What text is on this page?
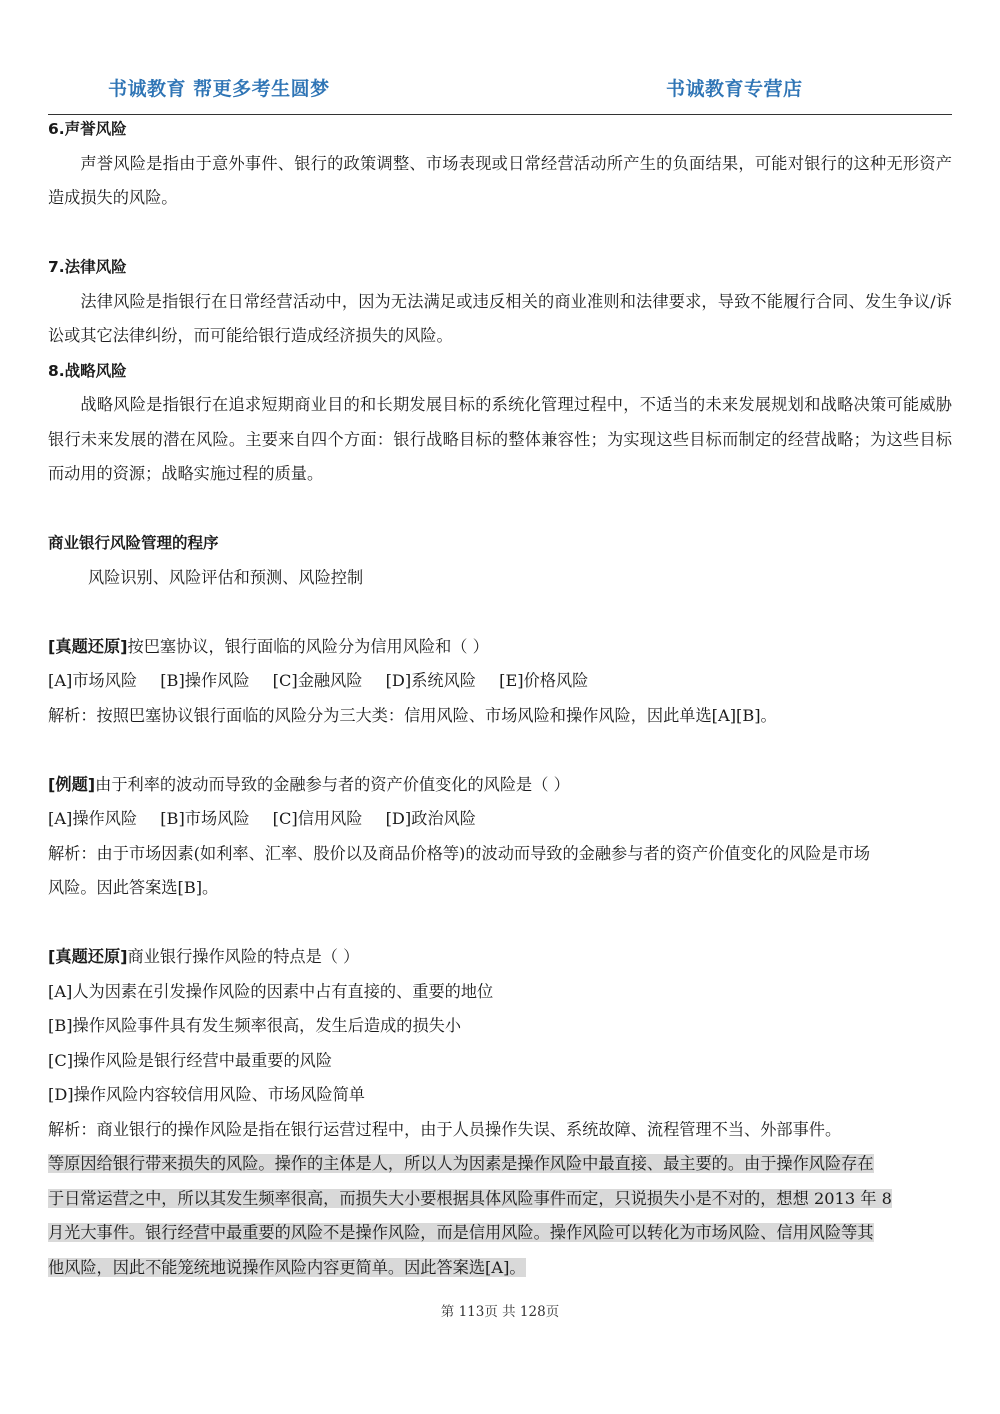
书诚教育 帮更多考生圆梦	书诚教育专营店

6.声誉风险

声誉风险是指由于意外事件、银行的政策调整、市场表现或日常经营活动所产生的负面结果，可能对银行的这种无形资产造成损失的风险。

7.法律风险

法律风险是指银行在日常经营活动中，因为无法满足或违反相关的商业准则和法律要求，导致不能履行合同、发生争议/诉讼或其它法律纠纷，而可能给银行造成经济损失的风险。

8.战略风险

战略风险是指银行在追求短期商业目的和长期发展目标的系统化管理过程中，不适当的未来发展规划和战略决策可能威胁银行未来发展的潜在风险。主要来自四个方面：银行战略目标的整体兼容性；为实现这些目标而制定的经营战略；为这些目标而动用的资源；战略实施过程的质量。

商业银行风险管理的程序

风险识别、风险评估和预测、风险控制

[真题还原]按巴塞协议，银行面临的风险分为信用风险和（ ）

[A]市场风险 [B]操作风险 [C]金融风险 [D]系统风险 [E]价格风险

解析：按照巴塞协议银行面临的风险分为三大类：信用风险、市场风险和操作风险，因此单选[A][B]。

[例题]由于利率的波动而导致的金融参与者的资产价值变化的风险是（ ）

[A]操作风险 [B]市场风险 [C]信用风险 [D]政治风险

解析：由于市场因素(如利率、汇率、股价以及商品价格等)的波动而导致的金融参与者的资产价值变化的风险是市场

风险。因此答案选[B]。

[真题还原]商业银行操作风险的特点是（ ）

[A]人为因素在引发操作风险的因素中占有直接的、重要的地位

[B]操作风险事件具有发生频率很高，发生后造成的损失小

[C]操作风险是银行经营中最重要的风险

[D]操作风险内容较信用风险、市场风险简单

解析：商业银行的操作风险是指在银行运营过程中，由于人员操作失误、系统故障、流程管理不当、外部事件。

等原因给银行带来损失的风险。操作的主体是人，所以人为因素是操作风险中最直接、最主要的。由于操作风险存在

于日常运营之中，所以其发生频率很高，而损失大小要根据具体风险事件而定，只说损失小是不对的，想想 2013 年 8

月光大事件。银行经营中最重要的风险不是操作风险，而是信用风险。操作风险可以转化为市场风险、信用风险等其

他风险，因此不能笼统地说操作风险内容更简单。因此答案选[A]。

第 113页 共 128页
